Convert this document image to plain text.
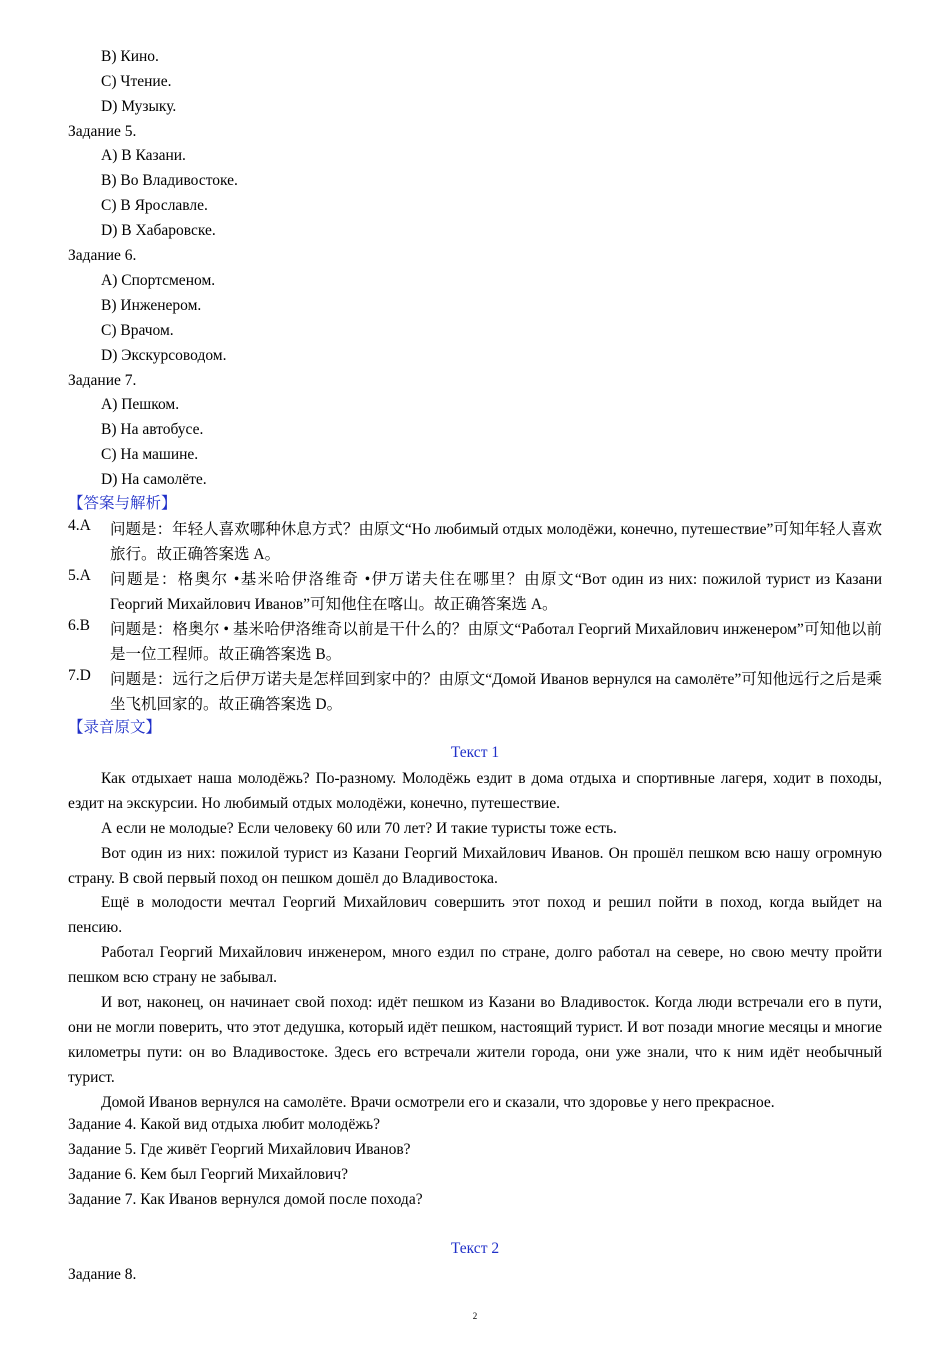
B) Кино.
C) Чтение.
D) Музыку.
Задание 5.
A) В Казани.
B) Во Владивостоке.
C) В Ярославле.
D) В Хабаровске.
Задание 6.
A) Спортсменом.
B) Инженером.
C) Врачом.
D) Экскурсоводом.
Задание 7.
A) Пешком.
B) На автобусе.
C) На машине.
D) На самолёте.
【答案与解析】
4.A 问题是：年轻人喜欢哪种休息方式？由原文“Но любимый отдых молодёжи, конечно, путешествие”可知年轻人喜欢旅行。故正确答案选 A。
5.A 问题是：格奥尔 •基米哈伊洛维奇 •伊万诺夫住在哪里？由原文“Вот один из них: пожилой турист из Казани Георгий Михайлович Иванов”可知他住在喀山。故正确答案选 A。
6.B 问题是：格奥尔 • 基米哈伊洛维奇以前是干什么的？由原文“Работал Георгий Михайлович инженером”可知他以前是一位工程师。故正确答案选 B。
7.D 问题是：远行之后伊万诺夫是怎样回到家中的？由原文“Домой Иванов вернулся на самолёте”可知他远行之后是乘坐飞机回家的。故正确答案选 D。
【录音原文】
Текст 1
Как отдыхает наша молодёжь? По-разному. Молодёжь ездит в дома отдыха и спортивные лагеря, ходит в походы, ездит на экскурсии. Но любимый отдых молодёжи, конечно, путешествие.
А если не молодые? Если человеку 60 или 70 лет? И такие туристы тоже есть.
Вот один из них: пожилой турист из Казани Георгий Михайлович Иванов. Он прошёл пешком всю нашу огромную страну. В свой первый поход он пешком дошёл до Владивостока.
Ещё в молодости мечтал Георгий Михайлович совершить этот поход и решил пойти в поход, когда выйдет на пенсию.
Работал Георгий Михайлович инженером, много ездил по стране, долго работал на севере, но свою мечту пройти пешком всю страну не забывал.
И вот, наконец, он начинает свой поход: идёт пешком из Казани во Владивосток. Когда люди встречали его в пути, они не могли поверить, что этот дедушка, который идёт пешком, настоящий турист. И вот позади многие месяцы и многие километры пути: он во Владивостоке. Здесь его встречали жители города, они уже знали, что к ним идёт необычный турист.
Домой Иванов вернулся на самолёте. Врачи осмотрели его и сказали, что здоровье у него прекрасное.
Задание 4. Какой вид отдыха любит молодёжь?
Задание 5. Где живёт Георгий Михайлович Иванов?
Задание 6. Кем был Георгий Михайлович?
Задание 7. Как Иванов вернулся домой после похода?
Текст 2
Задание 8.
2
